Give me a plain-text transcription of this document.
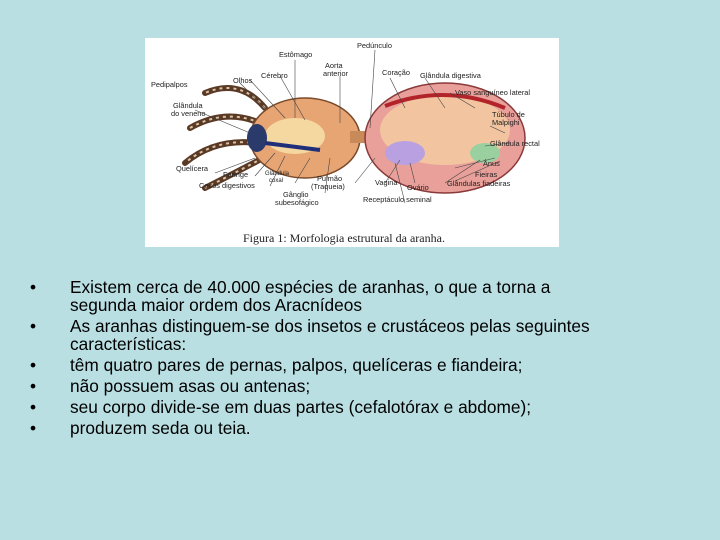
Pedúnculo
Estômago
Aorta
anterior
Pedipalpos	Olhos
Cérebro	Coração Glândula digestiva
Vaso sanguíneo lateral
Glândula
do veneno	Túbulo de
Malpighi
Glândula rectal
Quelícera
Faringe
Ânus
Fieiras
Glândula
coxal
Cecos digestivos
Pulmão
(Traqueia)	Vagina
Ovário Glândulas fiadeiras
Gânglio
subesofágico	Receptáculo seminal
Figura 1: Morfologia estrutural da aranha.
• Existem cerca de 40.000 espécies de aranhas, o que a torna a
segunda maior ordem dos Aracnídeos
• As aranhas distinguem-se dos insetos e crustáceos pelas seguintes
características:
• têm quatro pares de pernas, palpos, quelíceras e fiandeira;
• não possuem asas ou antenas;
• seu corpo divide-se em duas partes (cefalotórax e abdome);
• produzem seda ou teia.
